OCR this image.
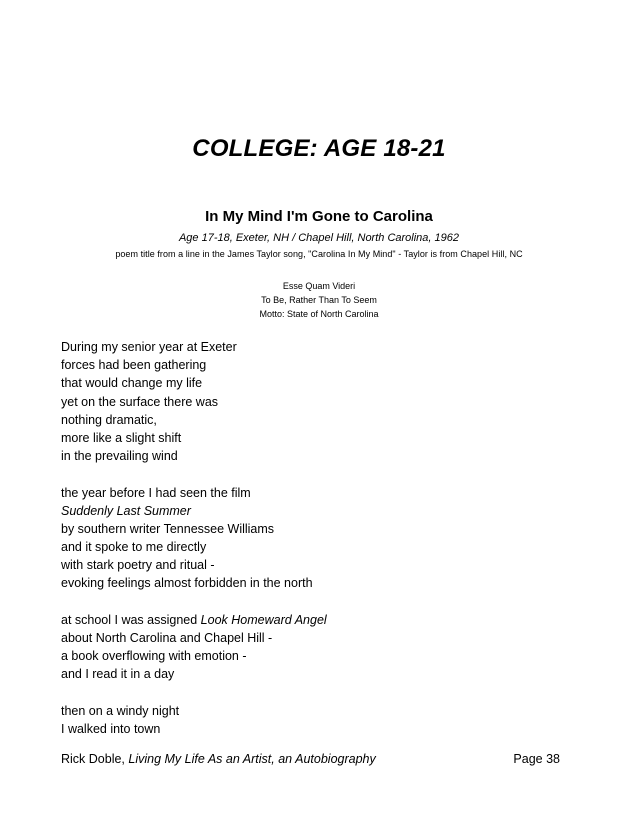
COLLEGE: AGE 18-21
In My Mind I'm Gone to Carolina
Age 17-18, Exeter, NH / Chapel Hill, North Carolina, 1962
poem title from a line in the James Taylor song, "Carolina In My Mind" - Taylor is from Chapel Hill, NC
Esse Quam Videri
To Be, Rather Than To Seem
Motto: State of North Carolina
During my senior year at Exeter
forces had been gathering
that would change my life
yet on the surface there was
nothing dramatic,
more like a slight shift
in the prevailing wind
the year before I had seen the film
Suddenly Last Summer
by southern writer Tennessee Williams
and it spoke to me directly
with stark poetry and ritual -
evoking feelings almost forbidden in the north
at school I was assigned Look Homeward Angel
about North Carolina and Chapel Hill -
a book overflowing with emotion -
and I read it in a day
then on a windy night
I walked into town
Rick Doble, Living My Life As an Artist, an Autobiography	Page 38
